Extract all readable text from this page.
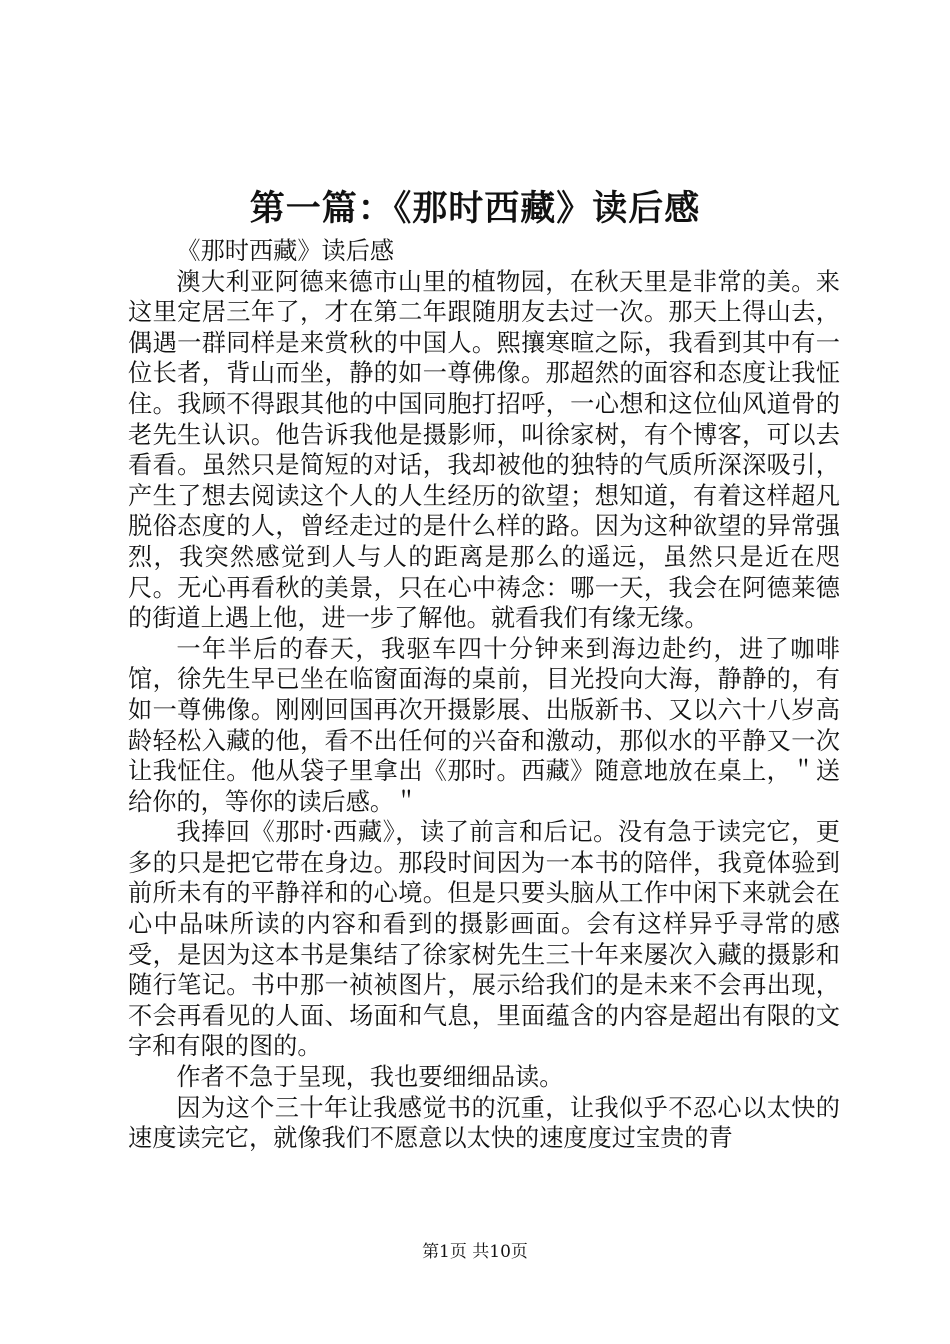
第一篇：《那时西藏》读后感

《那时西藏》读后感

澳大利亚阿德来德市山里的植物园，在秋天里是非常的美。来这里定居三年了，才在第二年跟随朋友去过一次。那天上得山去，偶遇一群同样是来赏秋的中国人。熙攘寒暄之际，我看到其中有一位长者，背山而坐，静的如一尊佛像。那超然的面容和态度让我怔住。我顾不得跟其他的中国同胞打招呼，一心想和这位仙风道骨的老先生认识。他告诉我他是摄影师，叫徐家树，有个博客，可以去看看。虽然只是简短的对话，我却被他的独特的气质所深深吸引，产生了想去阅读这个人的人生经历的欲望；想知道，有着这样超凡脱俗态度的人，曾经走过的是什么样的路。因为这种欲望的异常强烈，我突然感觉到人与人的距离是那么的遥远，虽然只是近在咫尺。无心再看秋的美景，只在心中祷念：哪一天，我会在阿德莱德的街道上遇上他，进一步了解他。就看我们有缘无缘。

一年半后的春天，我驱车四十分钟来到海边赴约，进了咖啡馆，徐先生早已坐在临窗面海的桌前，目光投向大海，静静的，有如一尊佛像。刚刚回国再次开摄影展、出版新书、又以六十八岁高龄轻松入藏的他，看不出任何的兴奋和激动，那似水的平静又一次让我怔住。他从袋子里拿出《那时。西藏》随意地放在桌上，＂送给你的，等你的读后感。＂

我捧回《那时·西藏》，读了前言和后记。没有急于读完它，更多的只是把它带在身边。那段时间因为一本书的陪伴，我竟体验到前所未有的平静祥和的心境。但是只要头脑从工作中闲下来就会在心中品味所读的内容和看到的摄影画面。会有这样异乎寻常的感受，是因为这本书是集结了徐家树先生三十年来屡次入藏的摄影和随行笔记。书中那一祯祯图片，展示给我们的是未来不会再出现，不会再看见的人面、场面和气息，里面蕴含的内容是超出有限的文字和有限的图的。

作者不急于呈现，我也要细细品读。

因为这个三十年让我感觉书的沉重，让我似乎不忍心以太快的速度读完它，就像我们不愿意以太快的速度度过宝贵的青

第1页 共10页
